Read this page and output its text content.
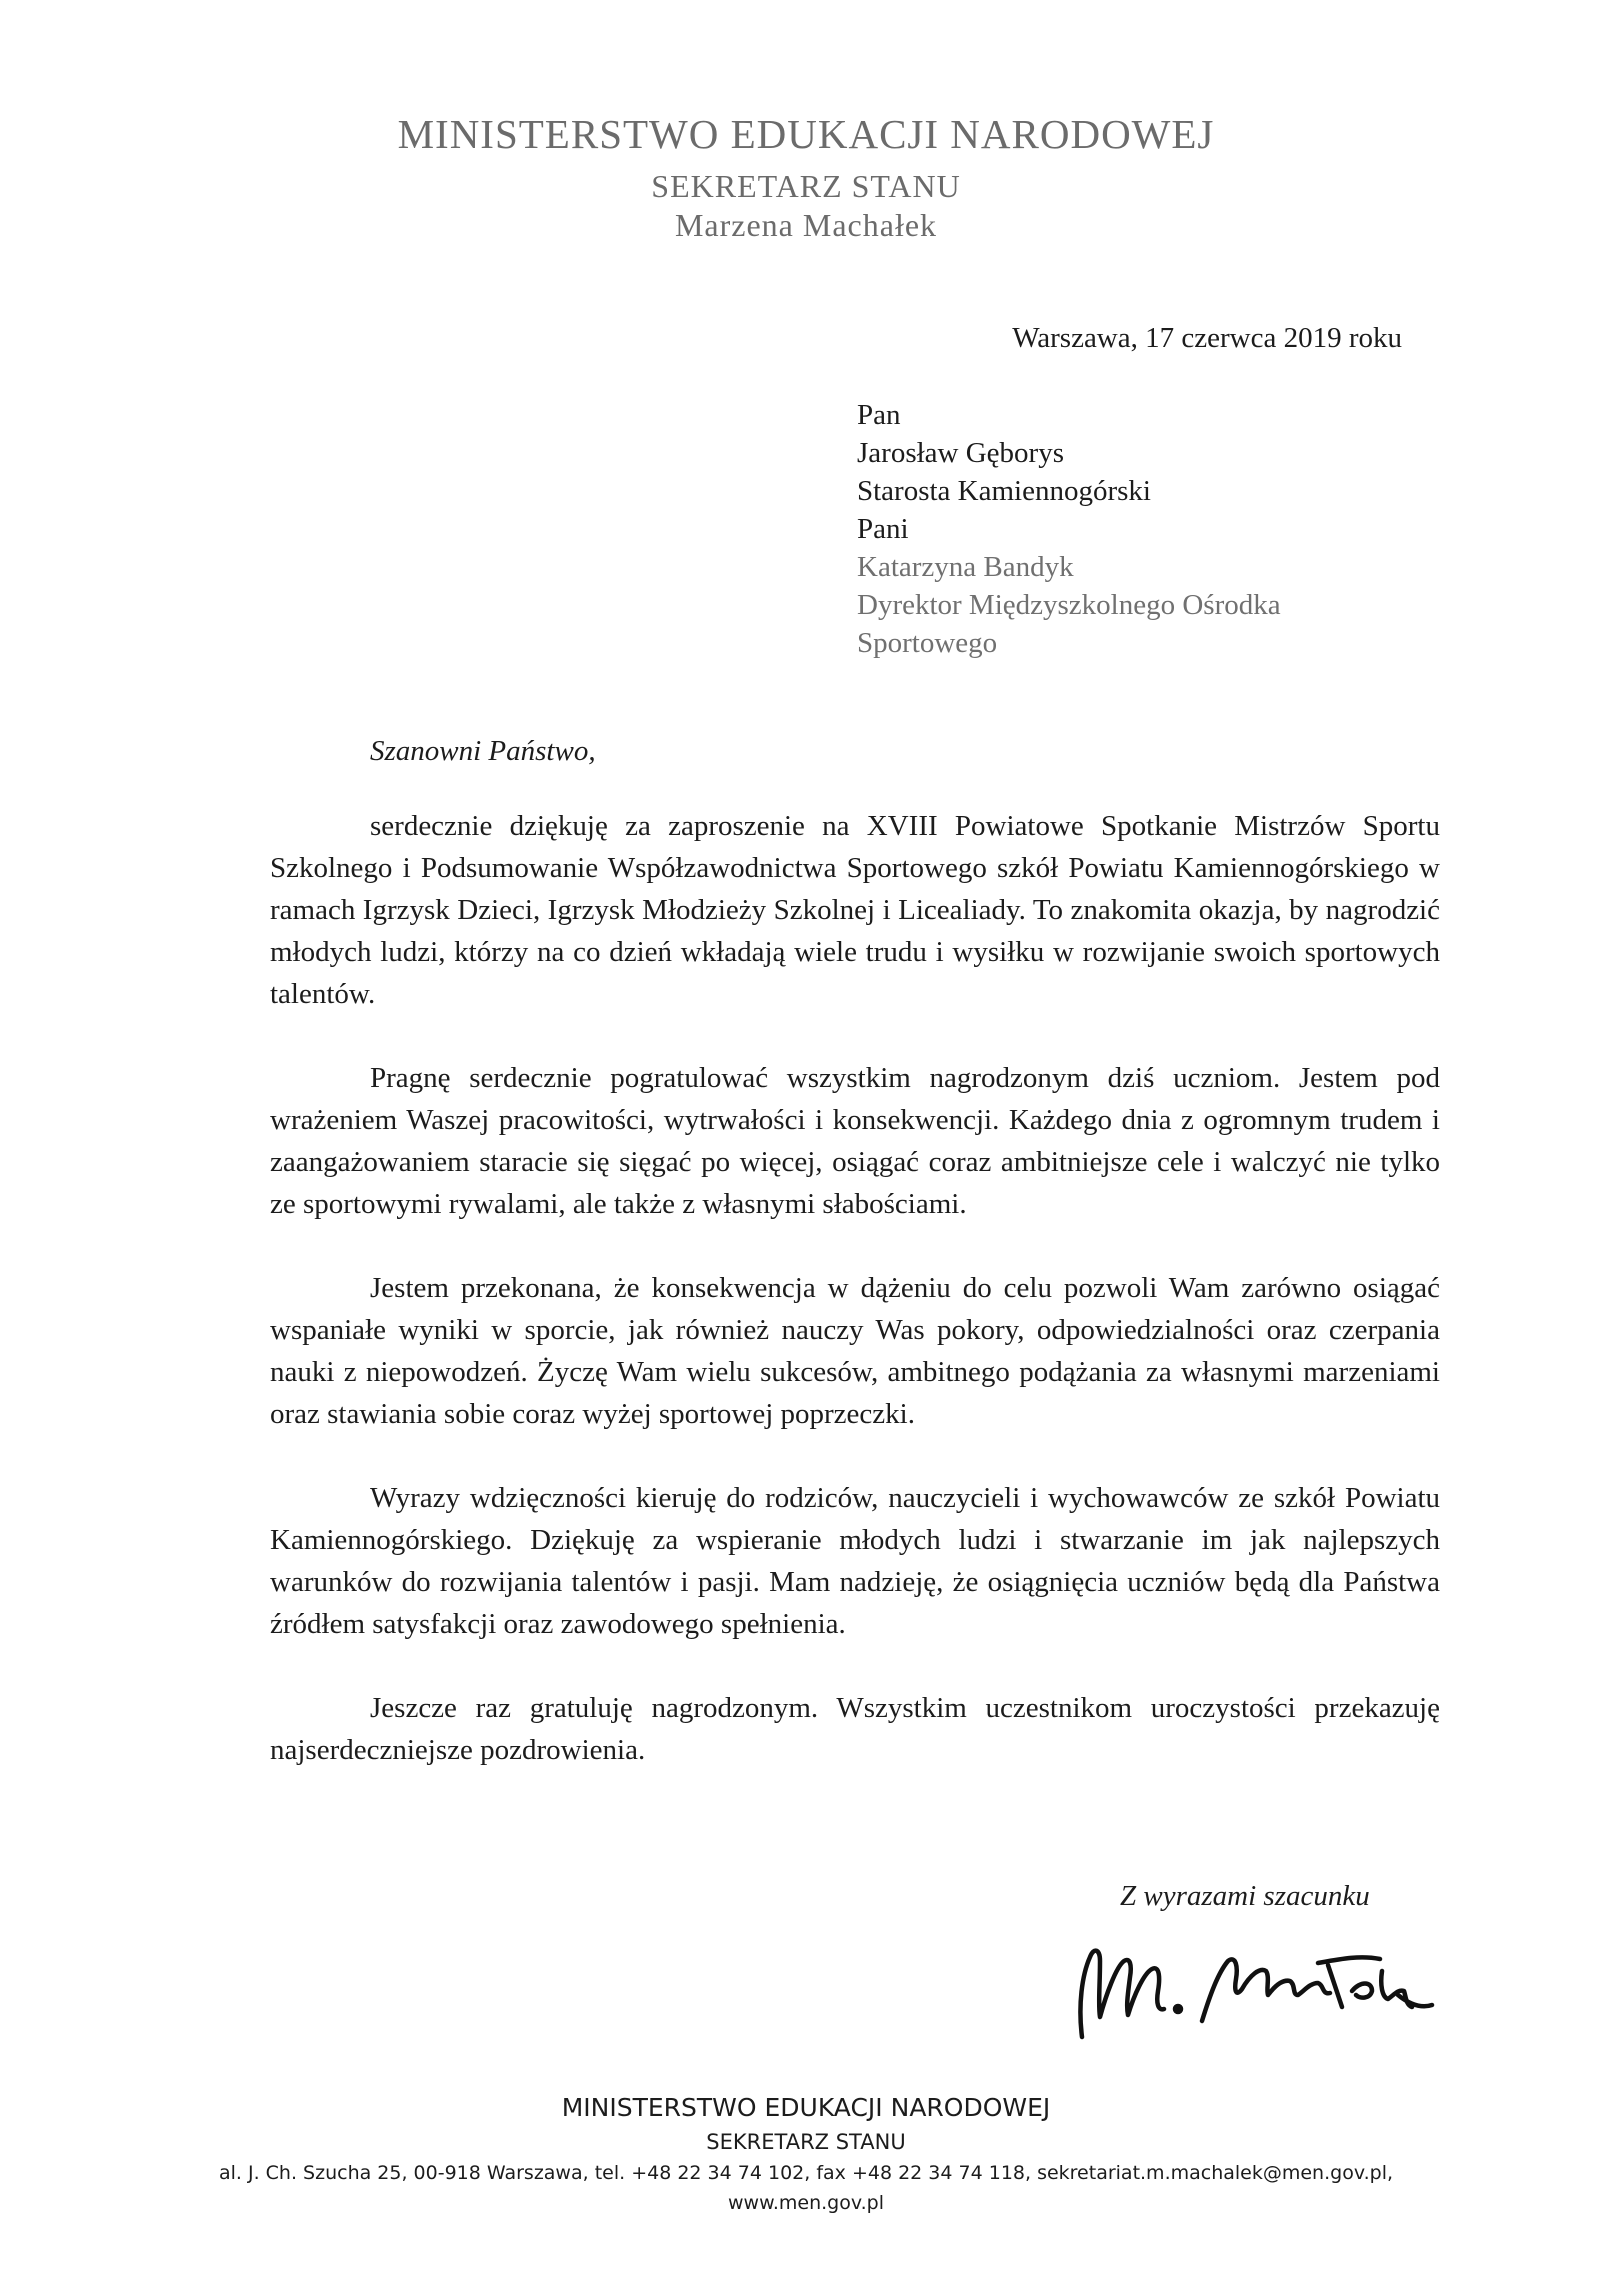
MINISTERSTWO EDUKACJI NARODOWEJ
SEKRETARZ STANU
Marzena Machałek
Warszawa, 17 czerwca 2019 roku
Pan
Jarosław Gęborys
Starosta Kamiennogórski
Pani
Katarzyna Bandyk
Dyrektor Międzyszkolnego Ośrodka
Sportowego
Szanowni Państwo,

serdecznie dziękuję za zaproszenie na XVIII Powiatowe Spotkanie Mistrzów Sportu Szkolnego i Podsumowanie Współzawodnictwa Sportowego szkół Powiatu Kamiennogórskiego w ramach Igrzysk Dzieci, Igrzysk Młodzieży Szkolnej i Licealiady. To znakomita okazja, by nagrodzić młodych ludzi, którzy na co dzień wkładają wiele trudu i wysiłku w rozwijanie swoich sportowych talentów.

Pragnę serdecznie pogratulować wszystkim nagrodzonym dziś uczniom. Jestem pod wrażeniem Waszej pracowitości, wytrwałości i konsekwencji. Każdego dnia z ogromnym trudem i zaangażowaniem staracie się sięgać po więcej, osiągać coraz ambitniejsze cele i walczyć nie tylko ze sportowymi rywalami, ale także z własnymi słabościami.

Jestem przekonana, że konsekwencja w dążeniu do celu pozwoli Wam zarówno osiągać wspaniałe wyniki w sporcie, jak również nauczy Was pokory, odpowiedzialności oraz czerpania nauki z niepowodzeń. Życzę Wam wielu sukcesów, ambitnego podążania za własnymi marzeniami oraz stawiania sobie coraz wyżej sportowej poprzeczki.

Wyrazy wdzięczności kieruję do rodziców, nauczycieli i wychowawców ze szkół Powiatu Kamiennogórskiego. Dziękuję za wspieranie młodych ludzi i stwarzanie im jak najlepszych warunków do rozwijania talentów i pasji. Mam nadzieję, że osiągnięcia uczniów będą dla Państwa źródłem satysfakcji oraz zawodowego spełnienia.

Jeszcze raz gratuluję nagrodzonym. Wszystkim uczestnikom uroczystości przekazuję najserdeczniejsze pozdrowienia.

Z wyrazami szacunku
MINISTERSTWO EDUKACJI NARODOWEJ
SEKRETARZ STANU
al. J. Ch. Szucha 25, 00-918 Warszawa, tel. +48 22 34 74 102, fax +48 22 34 74 118, sekretariat.m.machalek@men.gov.pl,
www.men.gov.pl
